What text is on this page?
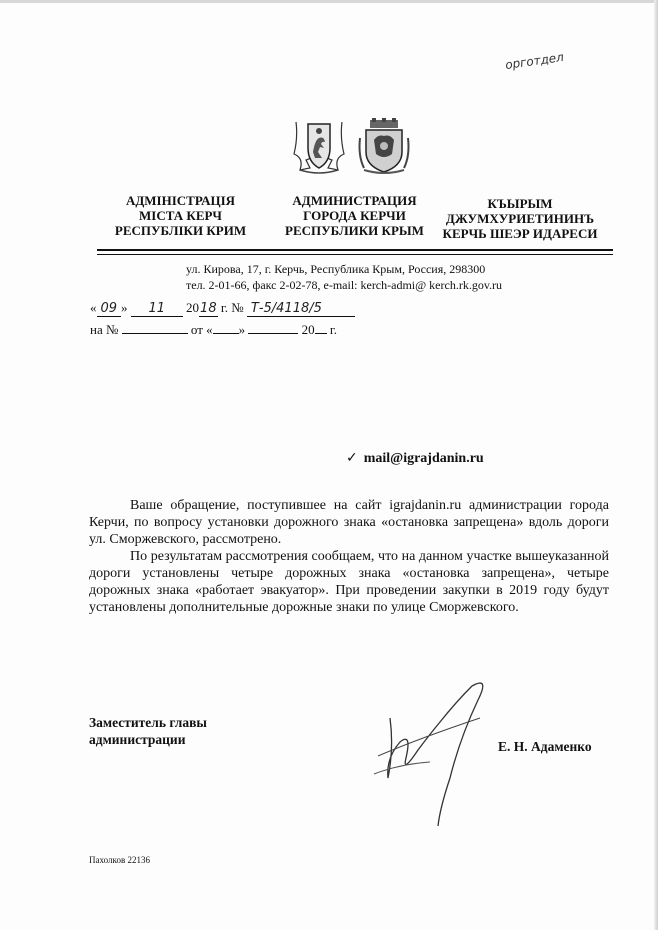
орготдел
АДМІНІСТРАЦІЯ
МІСТА КЕРЧ
РЕСПУБЛІКИ КРИМ
АДМИНИСТРАЦИЯ
ГОРОДА КЕРЧИ
РЕСПУБЛИКИ КРЫМ
КЪЫРЫМ
ДЖУМХУРИЕТИНИНЪ
КЕРЧЬ ШЕЭР ИДАРЕСИ
ул. Кирова, 17, г. Керчь, Республика Крым, Россия, 298300
тел. 2-01-66, факс 2-02-78, e-mail: kerch-admi@ kerch.rk.gov.ru
« 09 » 11 2018 г. № Т-5/4118/5
на №	от « »	20 г.
✓ mail@igrajdanin.ru

Ваше обращение, поступившее на сайт igrajdanin.ru администрации города Керчи, по вопросу установки дорожного знака «остановка запрещена» вдоль дороги ул. Сморжевского, рассмотрено.

По результатам рассмотрения сообщаем, что на данном участке вышеуказанной дороги установлены четыре дорожных знака «остановка запрещена», четыре дорожных знака «работает эвакуатор». При проведении закупки в 2019 году будут установлены дополнительные дорожные знаки по улице Сморжевского.

Заместитель главы
администрации	Е. Н. Адаменко
Пахолков 22136
